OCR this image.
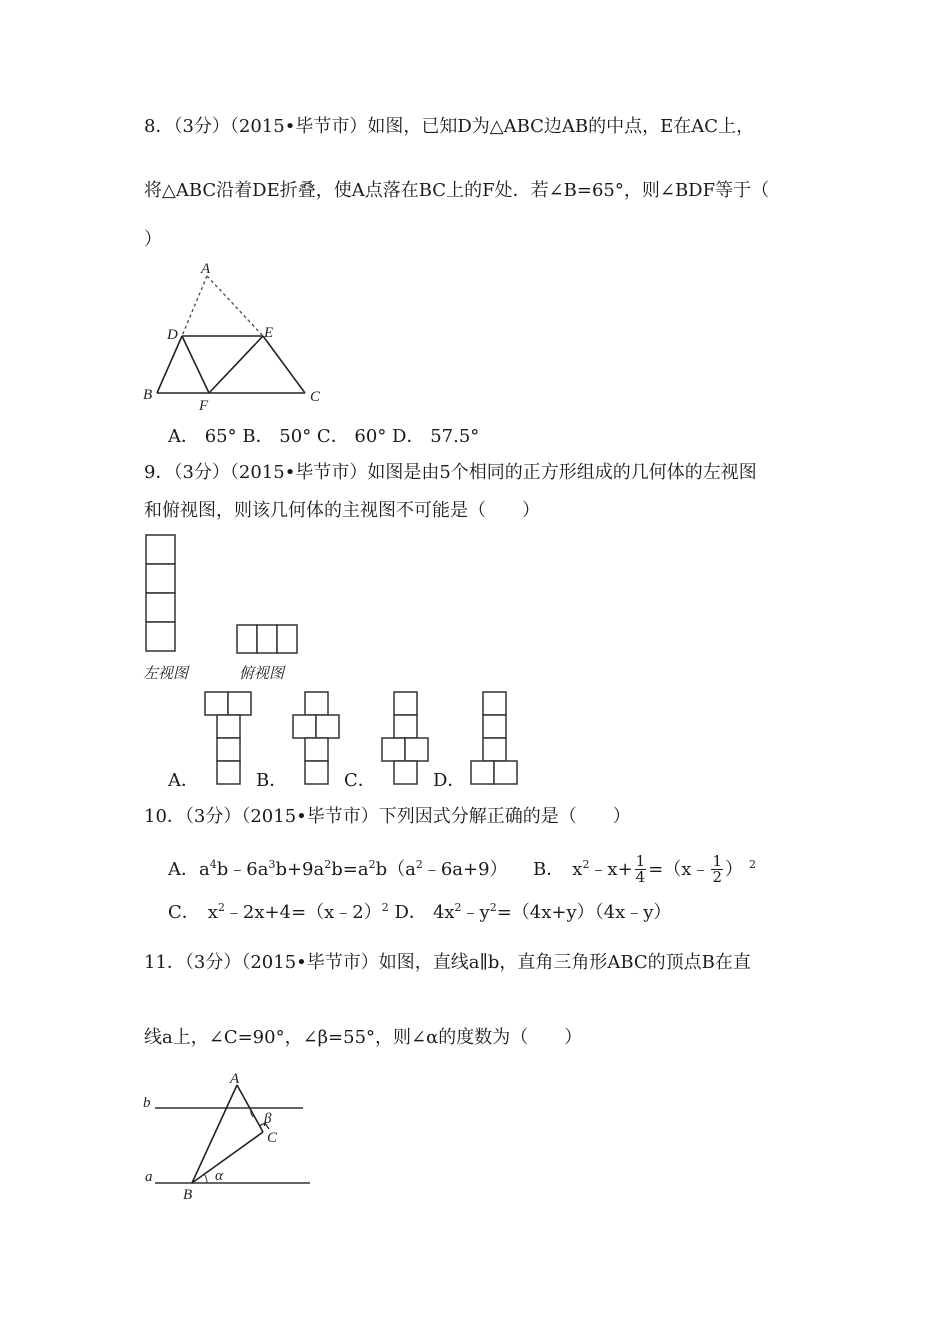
8．（3分）（2015•毕节市）如图，已知D为△ABC边AB的中点，E在AC上，
将△ABC沿着DE折叠，使A点落在BC上的F处．若∠B=65°，则∠BDF等于（
）
A
D	E
B
F
C
A． 65° B． 50° C． 60° D． 57.5°
9．（3分）（2015•毕节市）如图是由5个相同的正方形组成的几何体的左视图
和俯视图，则该几何体的主视图不可能是（　　）
左视图	俯视图
A．	B．	C．	D．
10．（3分）（2015•毕节市）下列因式分解正确的是（　　）
A．$a^4b﹣6a^3b+9a^2b=a^2b(a^2﹣6a+9)$ B． $x^2﹣x+ \frac{1}{4}$ =（x﹣ $\frac{1}{2}$ ） $^2$
C． $x^2﹣2x+4=(x﹣2)^2$ D． $4x^2﹣y^2=(4x+y)(4x﹣y)$
11．（3分）（2015•毕节市）如图，直线a∥b，直角三角形ABC的顶点B在直
线a上，∠C=90°，∠β=55°，则∠α的度数为（　　）
A
b
β
C
a	α
B
